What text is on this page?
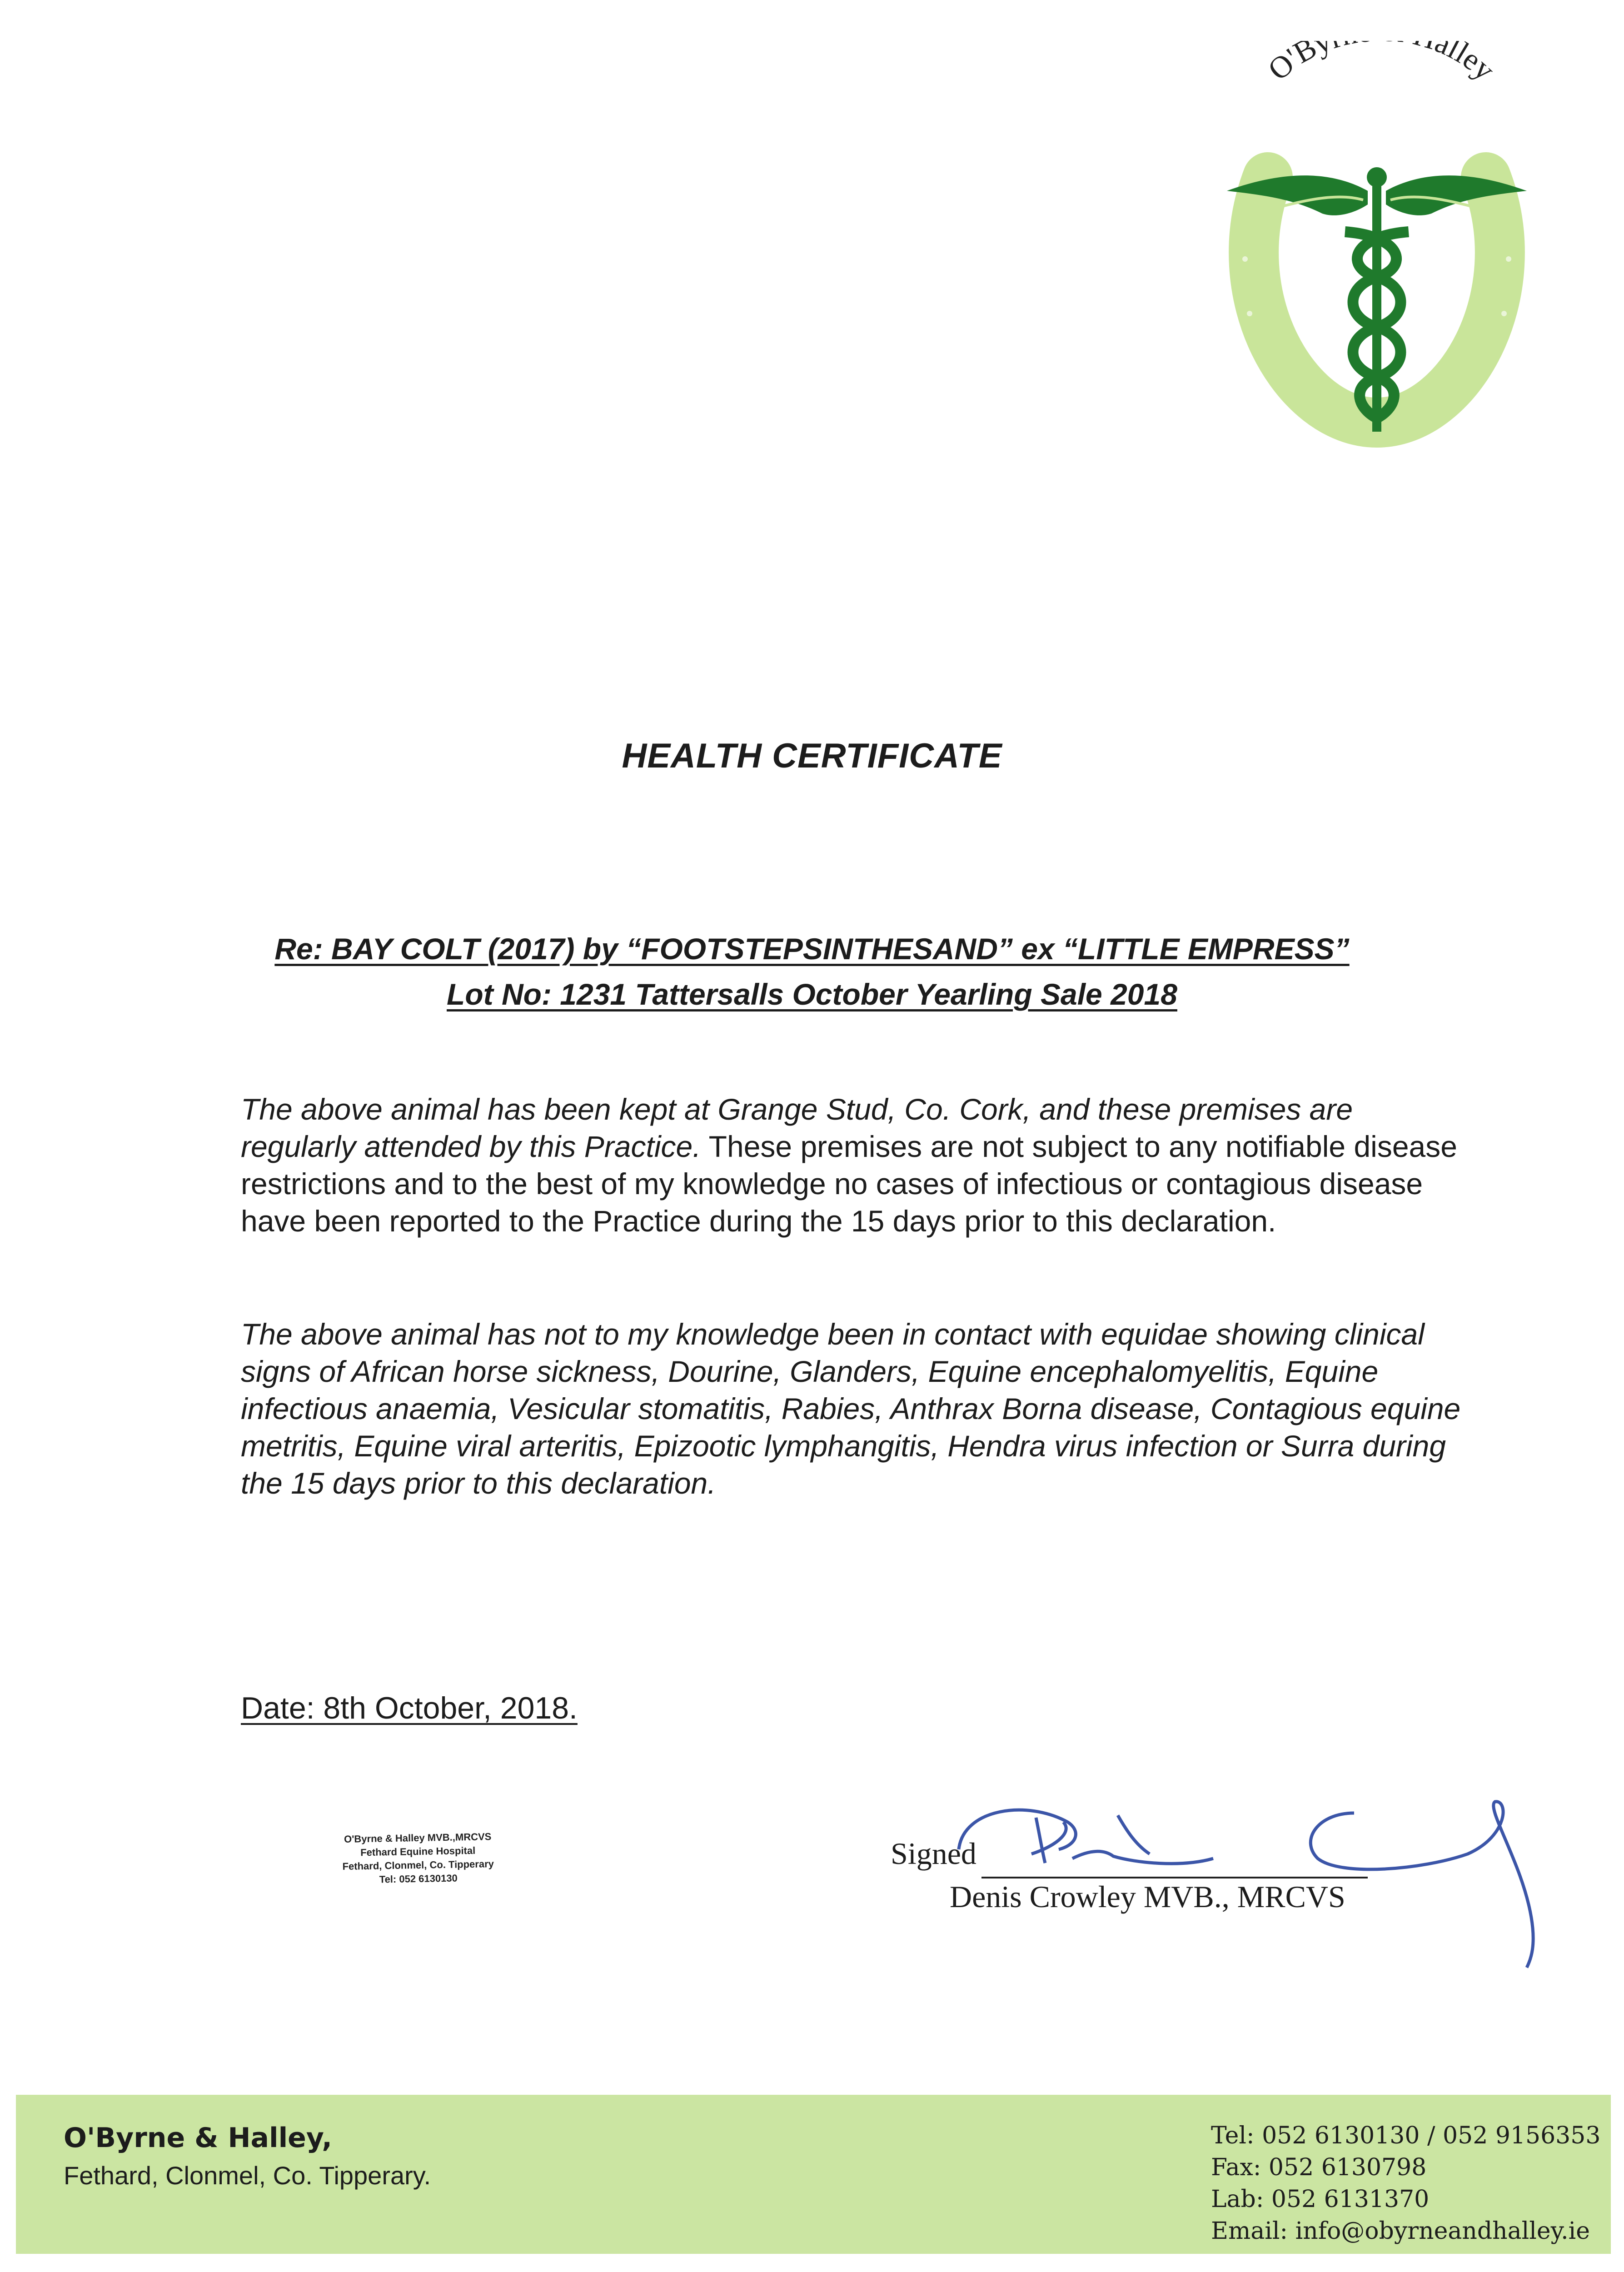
O'By alley
HEALTH CERTIFICATE
Re: BAY COLT (2017) by “FOOTSTEPSINTHESAND” ex “LITTLE EMPRESS”
Lot No: 1231 Tattersalls October Yearling Sale 2018
The above animal has been kept at Grange Stud, Co. Cork, and these premises are regularly attended by this Practice. These premises are not subject to any notifiable disease restrictions and to the best of my knowledge no cases of infectious or contagious disease have been reported to the Practice during the 15 days prior to this declaration.
The above animal has not to my knowledge been in contact with equidae showing clinical signs of African horse sickness, Dourine, Glanders, Equine encephalomyelitis, Equine infectious anaemia, Vesicular stomatitis, Rabies, Anthrax Borna disease, Contagious equine metritis, Equine viral arteritis, Epizootic lymphangitis, Hendra virus infection or Surra during the 15 days prior to this declaration.
Date: 8th October, 2018.
O'Byrne & Halley MVB.,MRCVS
Fethard Equine Hospital
Fethard, Clonmel, Co. Tipperary
Tel: 052 6130130
Signed
Denis Crowley MVB., MRCVS
O'Byrne & Halley,
Fethard, Clonmel, Co. Tipperary.
Tel: 052 6130130 / 052 9156353
Fax: 052 6130798
Lab: 052 6131370
Email: info@obyrneandhalley.ie
